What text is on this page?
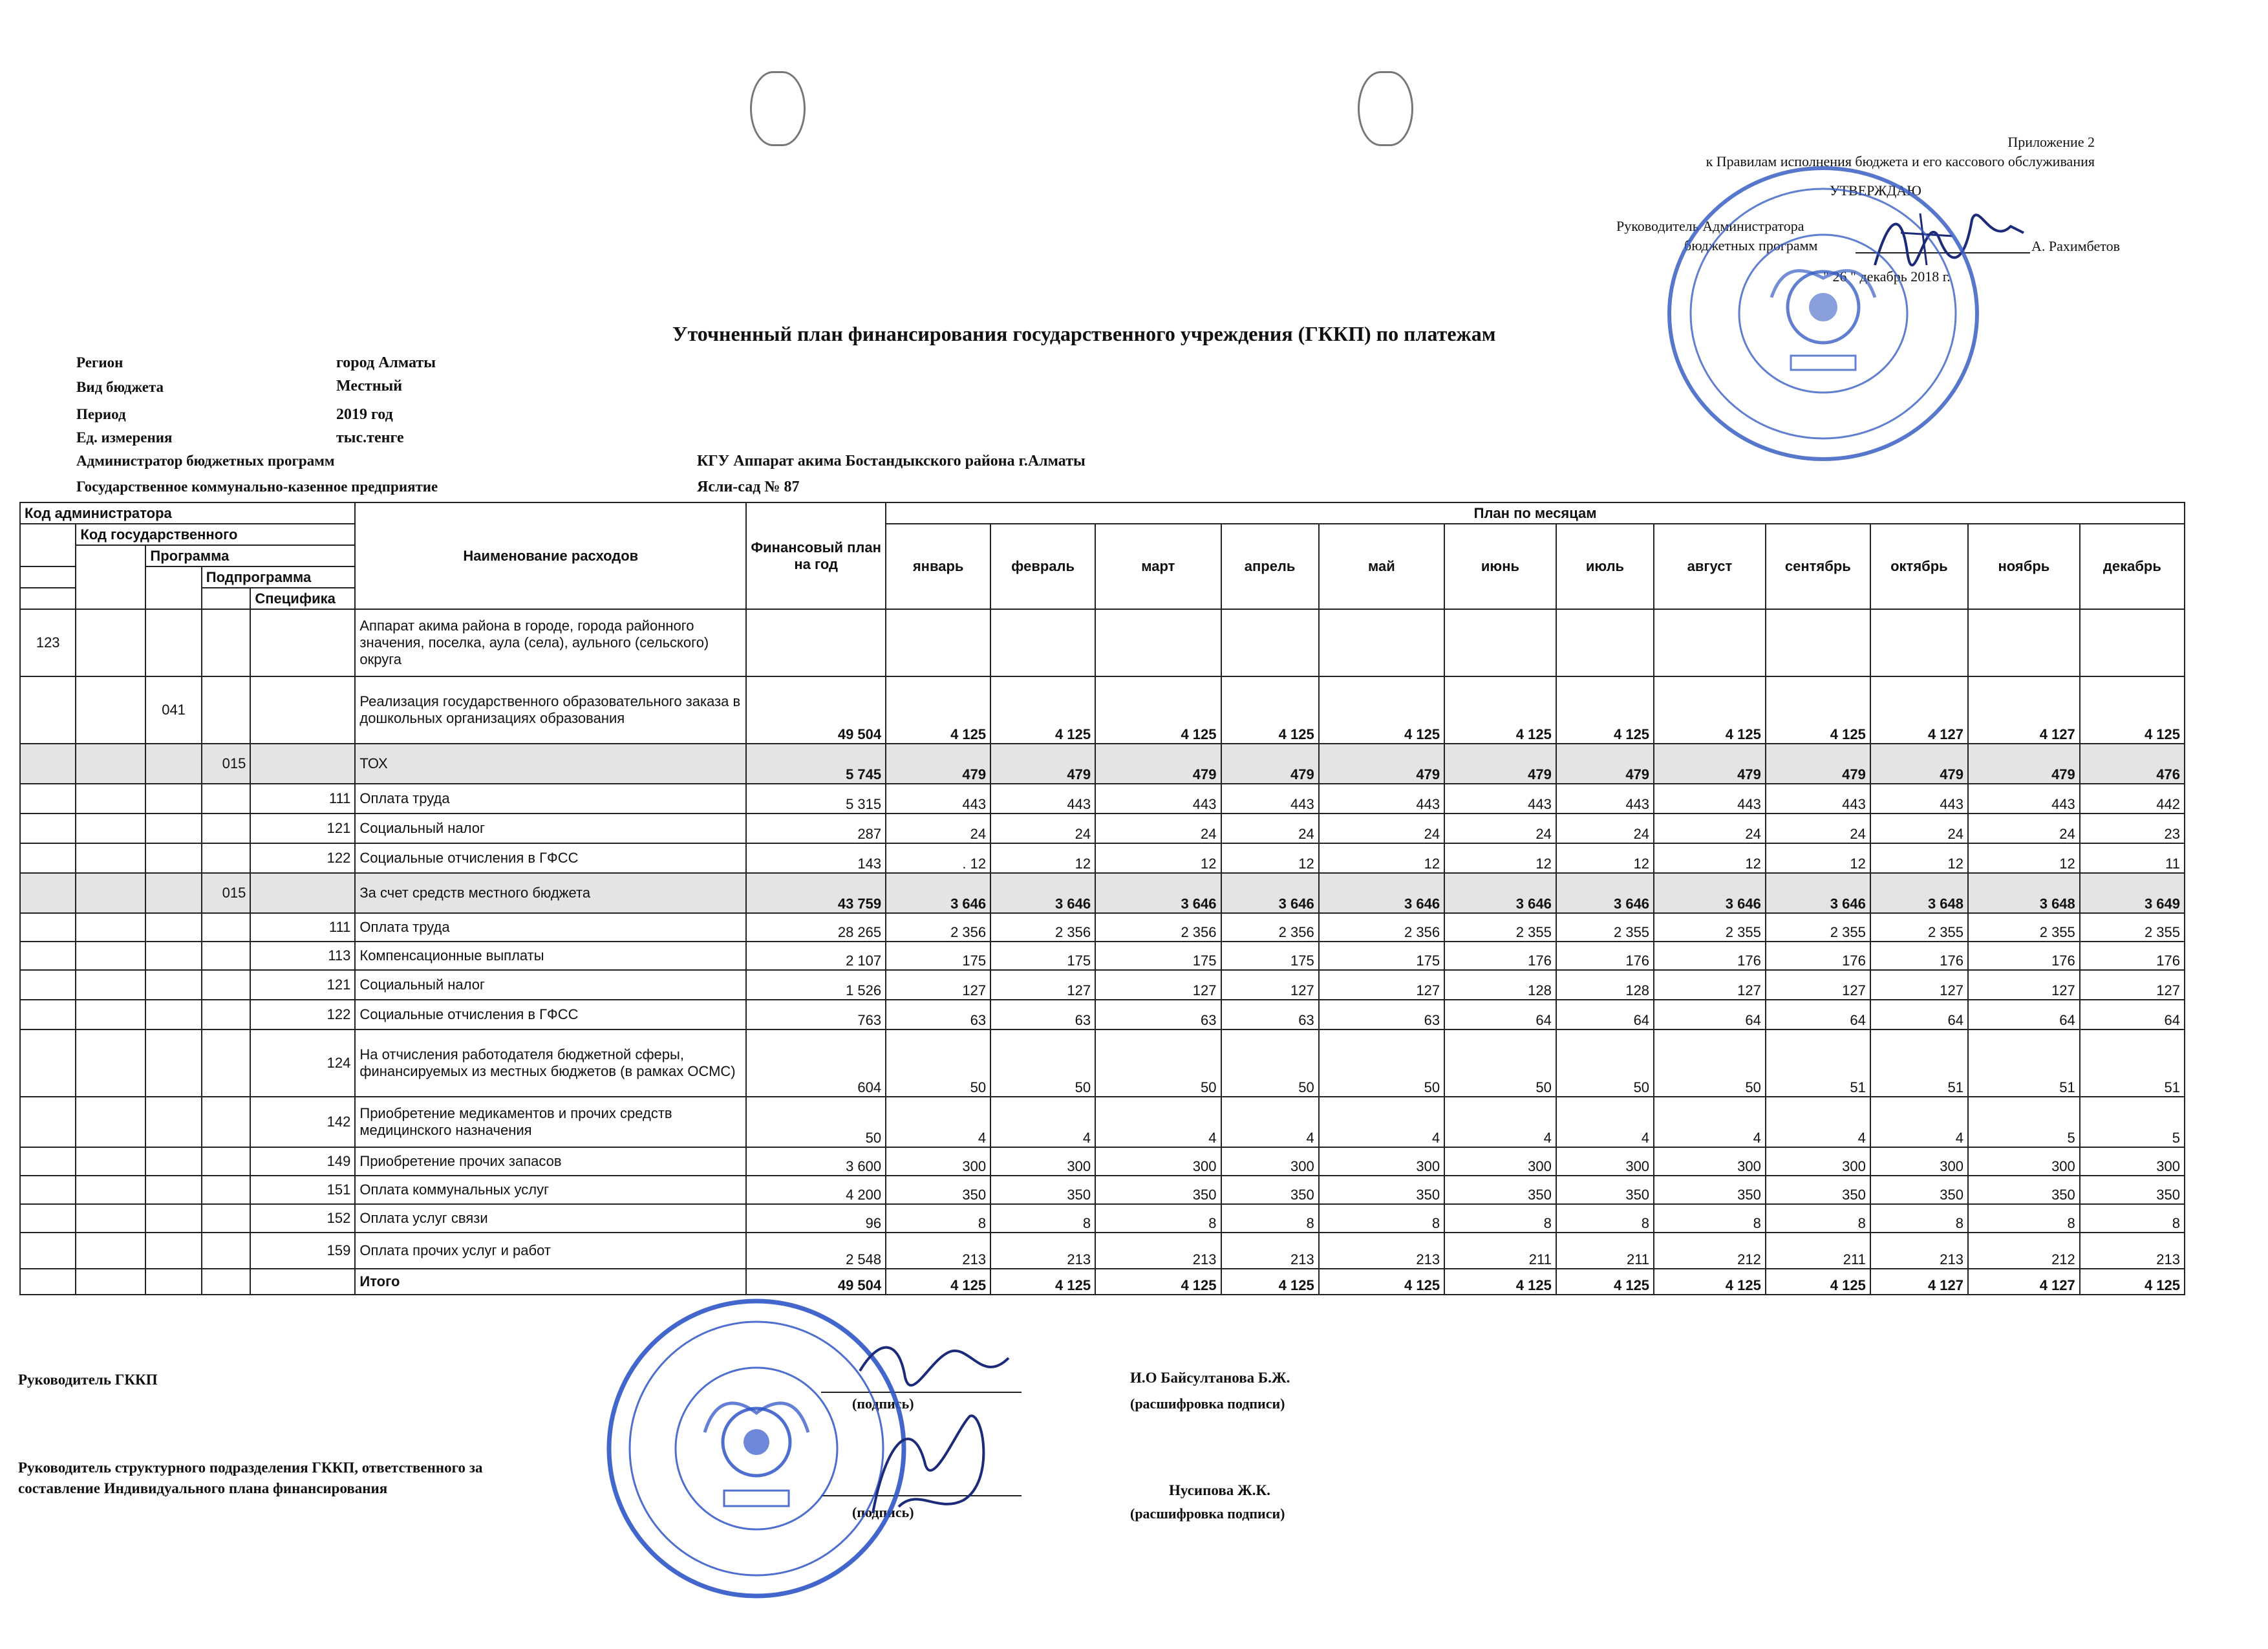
Приложение 2
к Правилам исполнения бюджета и его кассового обслуживания
УТВЕРЖДАЮ
Руководитель Администратора
бюджетных программ	А. Рахимбетов
" 26 " декабрь 2018 г.
Уточненный план финансирования государственного учреждения (ГККП) по платежам
Регион	город Алматы
Вид бюджета	Местный
Период	2019 год
Ед. измерения	тыс.тенге
Администратор бюджетных программ	КГУ Аппарат акима Бостандыкского района г.Алматы
Государственное коммунально-казенное предприятие	Ясли-сад № 87
Код администратора					Наименование расходов	Финансовый план на год	План по месяцам											
	Код государственного						январь	февраль	март	апрель	май	июнь	июль	август	сентябрь	октябрь	ноябрь	декабрь
		Программа																
			Подпрограмма															
				Специфика														
123					Аппарат акима района в городе, города районного значения, поселка, аула (села), аульного (сельского) округа													
		041			Реализация государственного образовательного заказа в дошкольных организациях образования	49 504	4 125	4 125	4 125	4 125	4 125	4 125	4 125	4 125	4 125	4 127	4 127	4 125
			015		ТОХ	5 745	479	479	479	479	479	479	479	479	479	479	479	476
				111	Оплата труда	5 315	443	443	443	443	443	443	443	443	443	443	443	442
				121	Социальный налог	287	24	24	24	24	24	24	24	24	24	24	24	23
				122	Социальные отчисления в ГФСС	143	. 12	12	12	12	12	12	12	12	12	12	12	11
			015		За счет средств местного бюджета	43 759	3 646	3 646	3 646	3 646	3 646	3 646	3 646	3 646	3 646	3 648	3 648	3 649
				111	Оплата труда	28 265	2 356	2 356	2 356	2 356	2 356	2 355	2 355	2 355	2 355	2 355	2 355	2 355
				113	Компенсационные выплаты	2 107	175	175	175	175	175	176	176	176	176	176	176	176
				121	Социальный налог	1 526	127	127	127	127	127	128	128	127	127	127	127	127
				122	Социальные отчисления в ГФСС	763	63	63	63	63	63	64	64	64	64	64	64	64
				124	На отчисления работодателя бюджетной сферы, финансируемых из местных бюджетов (в рамках ОСМС)	604	50	50	50	50	50	50	50	50	51	51	51	51
				142	Приобретение медикаментов и прочих средств медицинского назначения	50	4	4	4	4	4	4	4	4	4	4	5	5
				149	Приобретение прочих запасов	3 600	300	300	300	300	300	300	300	300	300	300	300	300
				151	Оплата коммунальных услуг	4 200	350	350	350	350	350	350	350	350	350	350	350	350
				152	Оплата услуг связи	96	8	8	8	8	8	8	8	8	8	8	8	8
				159	Оплата прочих услуг и работ	2 548	213	213	213	213	213	211	211	212	211	213	212	213
					Итого	49 504	4 125	4 125	4 125	4 125	4 125	4 125	4 125	4 125	4 125	4 127	4 127	4 125
Руководитель ГККП
(подпись)
И.О Байсултанова Б.Ж.
(расшифровка подписи)
Руководитель структурного подразделения ГККП, ответственного за
составление Индивидуального плана финансирования
(подпись)
Нусипова Ж.К.
(расшифровка подписи)
